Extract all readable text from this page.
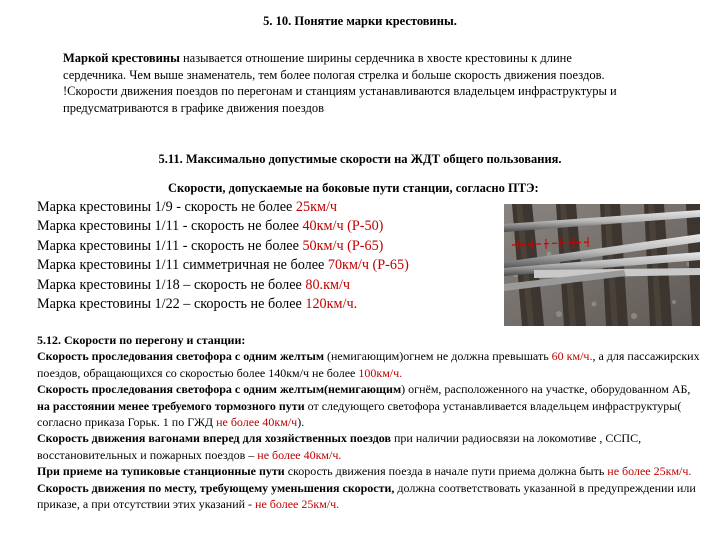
5. 10. Понятие марки крестовины.
Маркой крестовины называется отношение ширины сердечника в хвосте крестовины к длине сердечника. Чем выше знаменатель, тем более пологая стрелка и больше скорость движения поездов.
!Скорости движения поездов по перегонам и станциям устанавливаются владельцем инфраструктуры и предусматриваются в графике движения поездов
5.11. Максимально допустимые скорости на ЖДТ общего пользования.
Скорости, допускаемые на боковые пути станции, согласно ПТЭ:
Марка крестовины 1/9 - скорость не более 25км/ч
Марка крестовины 1/11 - скорость не более 40км/ч (Р-50)
Марка крестовины 1/11 - скорость не более 50км/ч (Р-65)
Марка крестовины 1/11 симметричная не более 70км/ч (Р-65)
Марка крестовины 1/18 – скорость не более 80.км/ч
Марка крестовины 1/22 – скорость не более 120км/ч.

5.12. Скорости по перегону и станции:

Скорость проследования светофора с одним желтым (немигающим)огнем не должна превышать 60 км/ч., а для пассажирских поездов, обращающихся со скоростью более 140км/ч не более 100км/ч.

Скорость проследования светофора с одним желтым(немигающим) огнём, расположенного на участке, оборудованном АБ, на расстоянии менее требуемого тормозного пути от следующего светофора устанавливается владельцем инфраструктуры( согласно приказа Горьк. 1 по ГЖД не более 40км/ч).

Скорость движения вагонами вперед для хозяйственных поездов при наличии радиосвязи на локомотиве , ССПС, восстановительных и пожарных поездов – не более 40км/ч.

При приеме на тупиковые станционные пути скорость движения поезда в начале пути приема должна быть не более 25км/ч.

Скорость движения по месту, требующему уменьшения скорости, должна соответствовать указанной в предупреждении или приказе, а при отсутствии этих указаний - не более 25км/ч.
